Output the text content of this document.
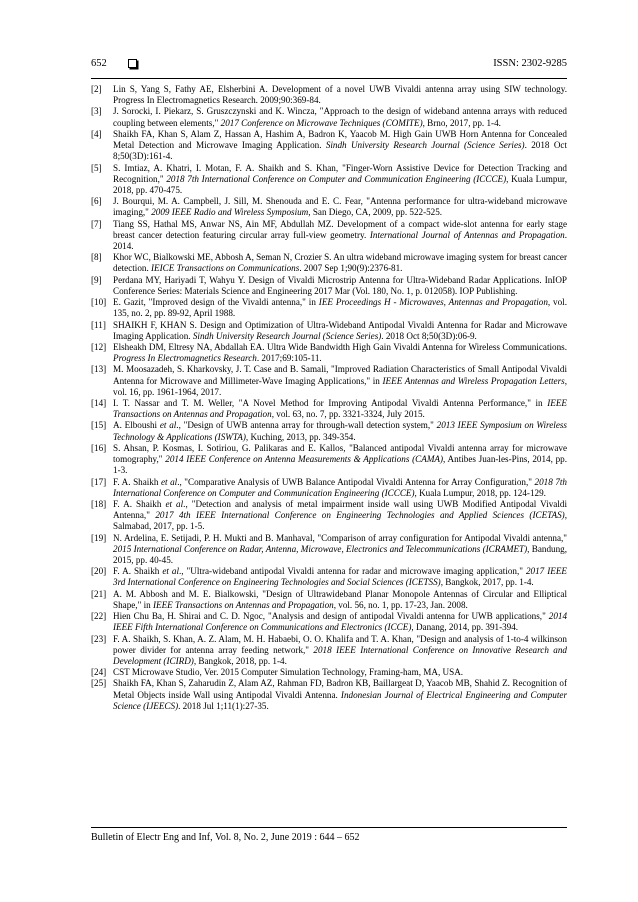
652	ISSN: 2302-9285
[2] Lin S, Yang S, Fathy AE, Elsherbini A. Development of a novel UWB Vivaldi antenna array using SIW technology. Progress In Electromagnetics Research. 2009;90:369-84.
[3] J. Sorocki, I. Piekarz, S. Gruszczynski and K. Wincza, "Approach to the design of wideband antenna arrays with reduced coupling between elements," 2017 Conference on Microwave Techniques (COMITE), Brno, 2017, pp. 1-4.
[4] Shaikh FA, Khan S, Alam Z, Hassan A, Hashim A, Badron K, Yaacob M. High Gain UWB Horn Antenna for Concealed Metal Detection and Microwave Imaging Application. Sindh University Research Journal (Science Series). 2018 Oct 8;50(3D):161-4.
[5] S. Imtiaz, A. Khatri, I. Motan, F. A. Shaikh and S. Khan, "Finger-Worn Assistive Device for Detection Tracking and Recognition," 2018 7th International Conference on Computer and Communication Engineering (ICCCE), Kuala Lumpur, 2018, pp. 470-475.
[6] J. Bourqui, M. A. Campbell, J. Sill, M. Shenouda and E. C. Fear, "Antenna performance for ultra-wideband microwave imaging," 2009 IEEE Radio and Wireless Symposium, San Diego, CA, 2009, pp. 522-525.
[7] Tiang SS, Hathal MS, Anwar NS, Ain MF, Abdullah MZ. Development of a compact wide-slot antenna for early stage breast cancer detection featuring circular array full-view geometry. International Journal of Antennas and Propagation. 2014.
[8] Khor WC, Bialkowski ME, Abbosh A, Seman N, Crozier S. An ultra wideband microwave imaging system for breast cancer detection. IEICE Transactions on Communications. 2007 Sep 1;90(9):2376-81.
[9] Perdana MY, Hariyadi T, Wahyu Y. Design of Vivaldi Microstrip Antenna for Ultra-Wideband Radar Applications. InIOP Conference Series: Materials Science and Engineering 2017 Mar (Vol. 180, No. 1, p. 012058). IOP Publishing.
[10] E. Gazit, "Improved design of the Vivaldi antenna," in IEE Proceedings H - Microwaves, Antennas and Propagation, vol. 135, no. 2, pp. 89-92, April 1988.
[11] SHAIKH F, KHAN S. Design and Optimization of Ultra-Wideband Antipodal Vivaldi Antenna for Radar and Microwave Imaging Application. Sindh University Research Journal (Science Series). 2018 Oct 8;50(3D):06-9.
[12] Elsheakh DM, Eltresy NA, Abdallah EA. Ultra Wide Bandwidth High Gain Vivaldi Antenna for Wireless Communications. Progress In Electromagnetics Research. 2017;69:105-11.
[13] M. Moosazadeh, S. Kharkovsky, J. T. Case and B. Samali, "Improved Radiation Characteristics of Small Antipodal Vivaldi Antenna for Microwave and Millimeter-Wave Imaging Applications," in IEEE Antennas and Wireless Propagation Letters, vol. 16, pp. 1961-1964, 2017.
[14] I. T. Nassar and T. M. Weller, "A Novel Method for Improving Antipodal Vivaldi Antenna Performance," in IEEE Transactions on Antennas and Propagation, vol. 63, no. 7, pp. 3321-3324, July 2015.
[15] A. Elboushi et al., "Design of UWB antenna array for through-wall detection system," 2013 IEEE Symposium on Wireless Technology & Applications (ISWTA), Kuching, 2013, pp. 349-354.
[16] S. Ahsan, P. Kosmas, I. Sotiriou, G. Palikaras and E. Kallos, "Balanced antipodal Vivaldi antenna array for microwave tomography," 2014 IEEE Conference on Antenna Measurements & Applications (CAMA), Antibes Juan-les-Pins, 2014, pp. 1-3.
[17] F. A. Shaikh et al., "Comparative Analysis of UWB Balance Antipodal Vivaldi Antenna for Array Configuration," 2018 7th International Conference on Computer and Communication Engineering (ICCCE), Kuala Lumpur, 2018, pp. 124-129.
[18] F. A. Shaikh et al., "Detection and analysis of metal impairment inside wall using UWB Modified Antipodal Vivaldi Antenna," 2017 4th IEEE International Conference on Engineering Technologies and Applied Sciences (ICETAS), Salmabad, 2017, pp. 1-5.
[19] N. Ardelina, E. Setijadi, P. H. Mukti and B. Manhaval, "Comparison of array configuration for Antipodal Vivaldi antenna," 2015 International Conference on Radar, Antenna, Microwave, Electronics and Telecommunications (ICRAMET), Bandung, 2015, pp. 40-45.
[20] F. A. Shaikh et al., "Ultra-wideband antipodal Vivaldi antenna for radar and microwave imaging application," 2017 IEEE 3rd International Conference on Engineering Technologies and Social Sciences (ICETSS), Bangkok, 2017, pp. 1-4.
[21] A. M. Abbosh and M. E. Bialkowski, "Design of Ultrawideband Planar Monopole Antennas of Circular and Elliptical Shape," in IEEE Transactions on Antennas and Propagation, vol. 56, no. 1, pp. 17-23, Jan. 2008.
[22] Hien Chu Ba, H. Shirai and C. D. Ngoc, "Analysis and design of antipodal Vivaldi antenna for UWB applications," 2014 IEEE Fifth International Conference on Communications and Electronics (ICCE), Danang, 2014, pp. 391-394.
[23] F. A. Shaikh, S. Khan, A. Z. Alam, M. H. Habaebi, O. O. Khalifa and T. A. Khan, "Design and analysis of 1-to-4 wilkinson power divider for antenna array feeding network," 2018 IEEE International Conference on Innovative Research and Development (ICIRD), Bangkok, 2018, pp. 1-4.
[24] CST Microwave Studio, Ver. 2015 Computer Simulation Technology, Framing-ham, MA, USA.
[25] Shaikh FA, Khan S, Zaharudin Z, Alam AZ, Rahman FD, Badron KB, Baillargeat D, Yaacob MB, Shahid Z. Recognition of Metal Objects inside Wall using Antipodal Vivaldi Antenna. Indonesian Journal of Electrical Engineering and Computer Science (IJEECS). 2018 Jul 1;11(1):27-35.
Bulletin of Electr Eng and Inf, Vol. 8, No. 2, June 2019 : 644 – 652
